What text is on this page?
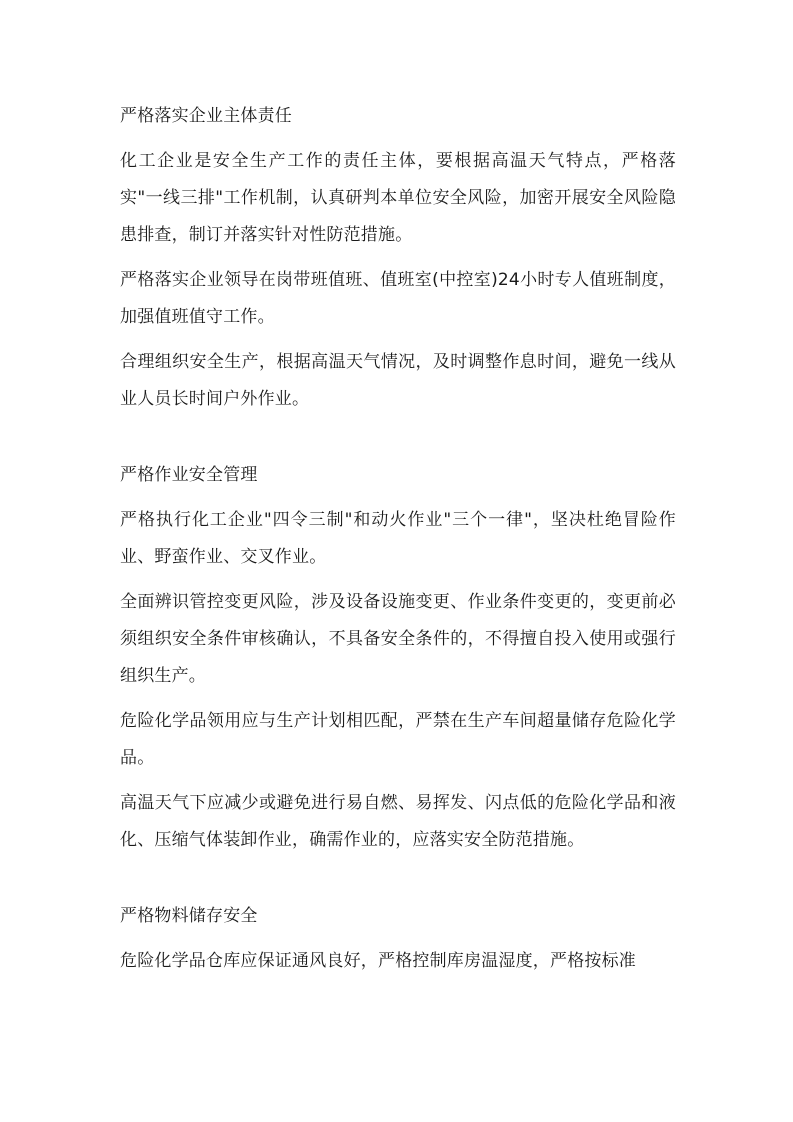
严格落实企业主体责任

化工企业是安全生产工作的责任主体，要根据高温天气特点，严格落实"一线三排"工作机制，认真研判本单位安全风险，加密开展安全风险隐患排查，制订并落实针对性防范措施。

严格落实企业领导在岗带班值班、值班室(中控室)24小时专人值班制度，加强值班值守工作。

合理组织安全生产，根据高温天气情况，及时调整作息时间，避免一线从业人员长时间户外作业。

严格作业安全管理

严格执行化工企业"四令三制"和动火作业"三个一律"，坚决杜绝冒险作业、野蛮作业、交叉作业。

全面辨识管控变更风险，涉及设备设施变更、作业条件变更的，变更前必须组织安全条件审核确认，不具备安全条件的，不得擅自投入使用或强行组织生产。

危险化学品领用应与生产计划相匹配，严禁在生产车间超量储存危险化学品。

高温天气下应减少或避免进行易自燃、易挥发、闪点低的危险化学品和液化、压缩气体装卸作业，确需作业的，应落实安全防范措施。

严格物料储存安全

危险化学品仓库应保证通风良好，严格控制库房温湿度，严格按标准
